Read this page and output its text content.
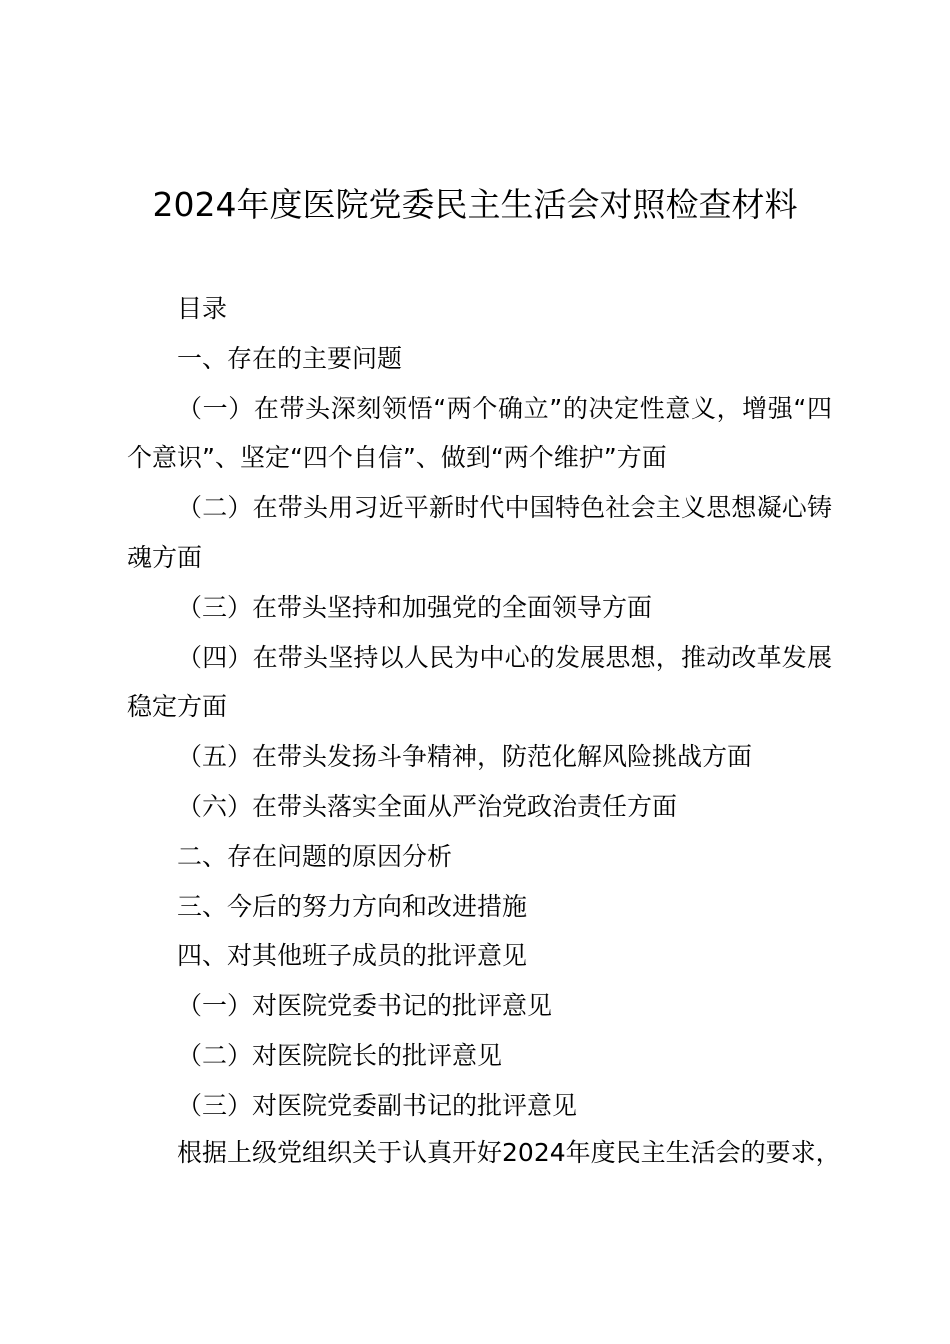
2024年度医院党委民主生活会对照检查材料
目录
一、存在的主要问题
（一）在带头深刻领悟“两个确立”的决定性意义，增强“四个意识”、坚定“四个自信”、做到“两个维护”方面
（二）在带头用习近平新时代中国特色社会主义思想凝心铸魂方面
（三）在带头坚持和加强党的全面领导方面
（四）在带头坚持以人民为中心的发展思想，推动改革发展稳定方面
（五）在带头发扬斗争精神，防范化解风险挑战方面
（六）在带头落实全面从严治党政治责任方面
二、存在问题的原因分析
三、今后的努力方向和改进措施
四、对其他班子成员的批评意见
（一）对医院党委书记的批评意见
（二）对医院院长的批评意见
（三）对医院党委副书记的批评意见

根据上级党组织关于认真开好2024年度民主生活会的要求，
